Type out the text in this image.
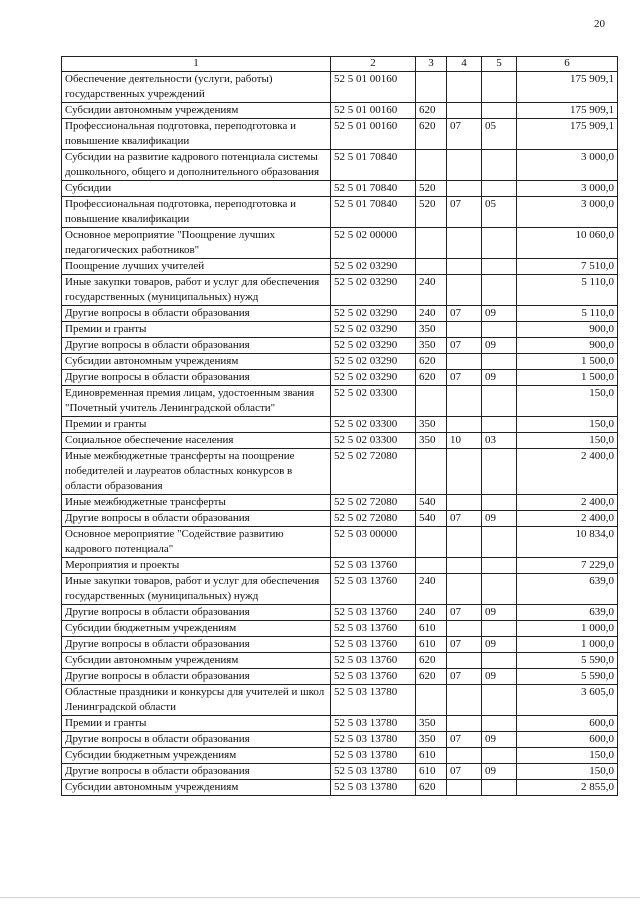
20
1	2	3	4	5	6
Обеспечение деятельности (услуги, работы) государственных учреждений	52 5 01 00160				175 909,1
Субсидии автономным учреждениям	52 5 01 00160	620			175 909,1
Профессиональная подготовка, переподготовка и повышение квалификации	52 5 01 00160	620	07	05	175 909,1
Субсидии на развитие кадрового потенциала системы дошкольного, общего и дополнительного образования	52 5 01 70840				3 000,0
Субсидии	52 5 01 70840	520			3 000,0
Профессиональная подготовка, переподготовка и повышение квалификации	52 5 01 70840	520	07	05	3 000,0
Основное мероприятие "Поощрение лучших педагогических работников"	52 5 02 00000				10 060,0
Поощрение лучших учителей	52 5 02 03290				7 510,0
Иные закупки товаров, работ и услуг для обеспечения государственных (муниципальных) нужд	52 5 02 03290	240			5 110,0
Другие вопросы в области образования	52 5 02 03290	240	07	09	5 110,0
Премии и гранты	52 5 02 03290	350			900,0
Другие вопросы в области образования	52 5 02 03290	350	07	09	900,0
Субсидии автономным учреждениям	52 5 02 03290	620			1 500,0
Другие вопросы в области образования	52 5 02 03290	620	07	09	1 500,0
Единовременная премия лицам, удостоенным звания "Почетный учитель Ленинградской области"	52 5 02 03300				150,0
Премии и гранты	52 5 02 03300	350			150,0
Социальное обеспечение населения	52 5 02 03300	350	10	03	150,0
Иные межбюджетные трансферты на поощрение победителей и лауреатов областных конкурсов в области образования	52 5 02 72080				2 400,0
Иные межбюджетные трансферты	52 5 02 72080	540			2 400,0
Другие вопросы в области образования	52 5 02 72080	540	07	09	2 400,0
Основное мероприятие "Содействие развитию кадрового потенциала"	52 5 03 00000				10 834,0
Мероприятия и проекты	52 5 03 13760				7 229,0
Иные закупки товаров, работ и услуг для обеспечения государственных (муниципальных) нужд	52 5 03 13760	240			639,0
Другие вопросы в области образования	52 5 03 13760	240	07	09	639,0
Субсидии бюджетным учреждениям	52 5 03 13760	610			1 000,0
Другие вопросы в области образования	52 5 03 13760	610	07	09	1 000,0
Субсидии автономным учреждениям	52 5 03 13760	620			5 590,0
Другие вопросы в области образования	52 5 03 13760	620	07	09	5 590,0
Областные праздники и конкурсы для учителей и школ Ленинградской области	52 5 03 13780				3 605,0
Премии и гранты	52 5 03 13780	350			600,0
Другие вопросы в области образования	52 5 03 13780	350	07	09	600,0
Субсидии бюджетным учреждениям	52 5 03 13780	610			150,0
Другие вопросы в области образования	52 5 03 13780	610	07	09	150,0
Субсидии автономным учреждениям	52 5 03 13780	620			2 855,0
